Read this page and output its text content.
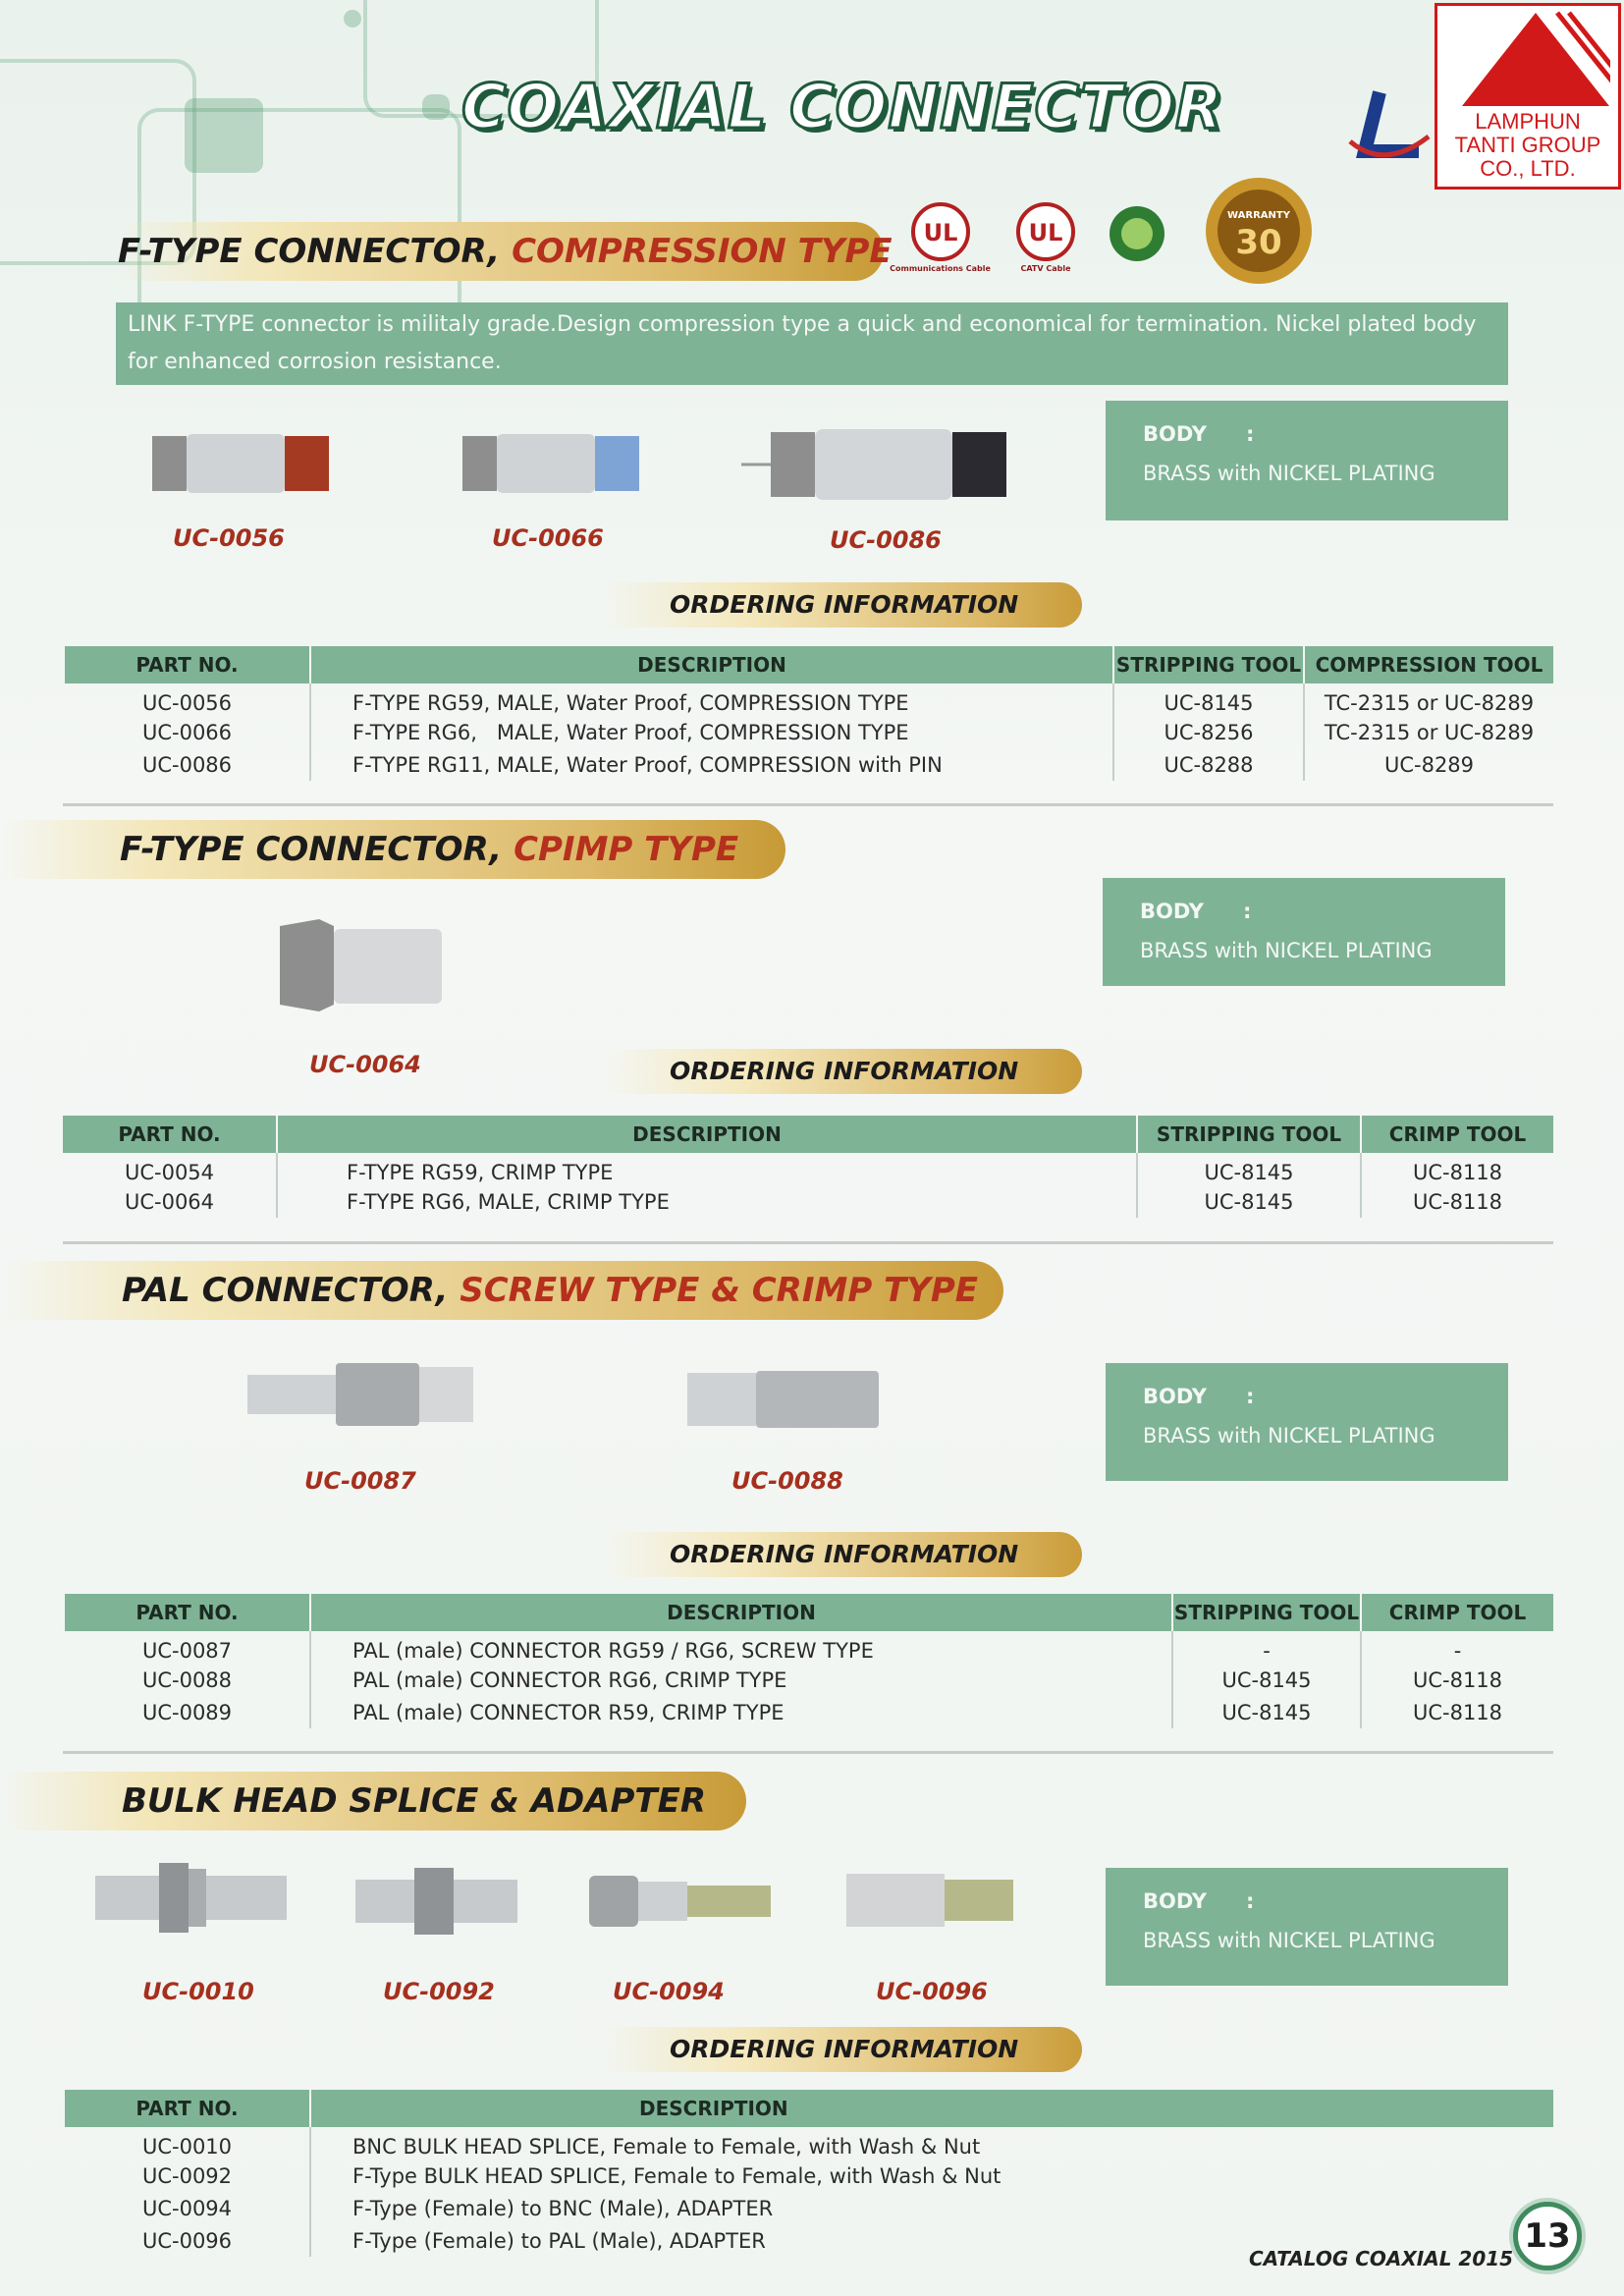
COAXIAL CONNECTOR	LAMPHUN
TANTI GROUP
CO., LTD.
F-TYPE CONNECTOR, COMPRESSION TYPE UL
Communications Cable
UL
CATV Cable
WARRANTY
30
LINK F-TYPE connector is militaly grade.Design compression type a quick and economical for termination. Nickel plated body for enhanced corrosion resistance.
UC-0056	UC-0066	UC-0086
BODY :
BRASS with NICKEL PLATING
ORDERING INFORMATION
PART NO.	DESCRIPTION	STRIPPING TOOL	COMPRESSION TOOL
UC-0056	F-TYPE RG59, MALE, Water Proof, COMPRESSION TYPE	UC-8145	TC-2315 or UC-8289
UC-0066	F-TYPE RG6,   MALE, Water Proof, COMPRESSION TYPE	UC-8256	TC-2315 or UC-8289
UC-0086	F-TYPE RG11, MALE, Water Proof, COMPRESSION with PIN	UC-8288	UC-8289
F-TYPE CONNECTOR, CPIMP TYPE
UC-0064
BODY :
BRASS with NICKEL PLATING
ORDERING INFORMATION
PART NO.	DESCRIPTION	STRIPPING TOOL	CRIMP TOOL
UC-0054	F-TYPE RG59, CRIMP TYPE	UC-8145	UC-8118
UC-0064	F-TYPE RG6, MALE, CRIMP TYPE	UC-8145	UC-8118
PAL CONNECTOR, SCREW TYPE & CRIMP TYPE
UC-0087	UC-0088
BODY :
BRASS with NICKEL PLATING
ORDERING INFORMATION
PART NO.	DESCRIPTION	STRIPPING TOOL	CRIMP TOOL
UC-0087	PAL (male) CONNECTOR RG59 / RG6, SCREW TYPE	-	-
UC-0088	PAL (male) CONNECTOR RG6, CRIMP TYPE	UC-8145	UC-8118
UC-0089	PAL (male) CONNECTOR R59, CRIMP TYPE	UC-8145	UC-8118
BULK HEAD SPLICE & ADAPTER
UC-0010	UC-0092	UC-0094	UC-0096
BODY :
BRASS with NICKEL PLATING
ORDERING INFORMATION
PART NO.	DESCRIPTION
UC-0010	BNC BULK HEAD SPLICE, Female to Female, with Wash & Nut
UC-0092	F-Type BULK HEAD SPLICE, Female to Female, with Wash & Nut
UC-0094	F-Type (Female) to BNC (Male), ADAPTER
UC-0096	F-Type (Female) to PAL (Male), ADAPTER
CATALOG COAXIAL 2015
13
